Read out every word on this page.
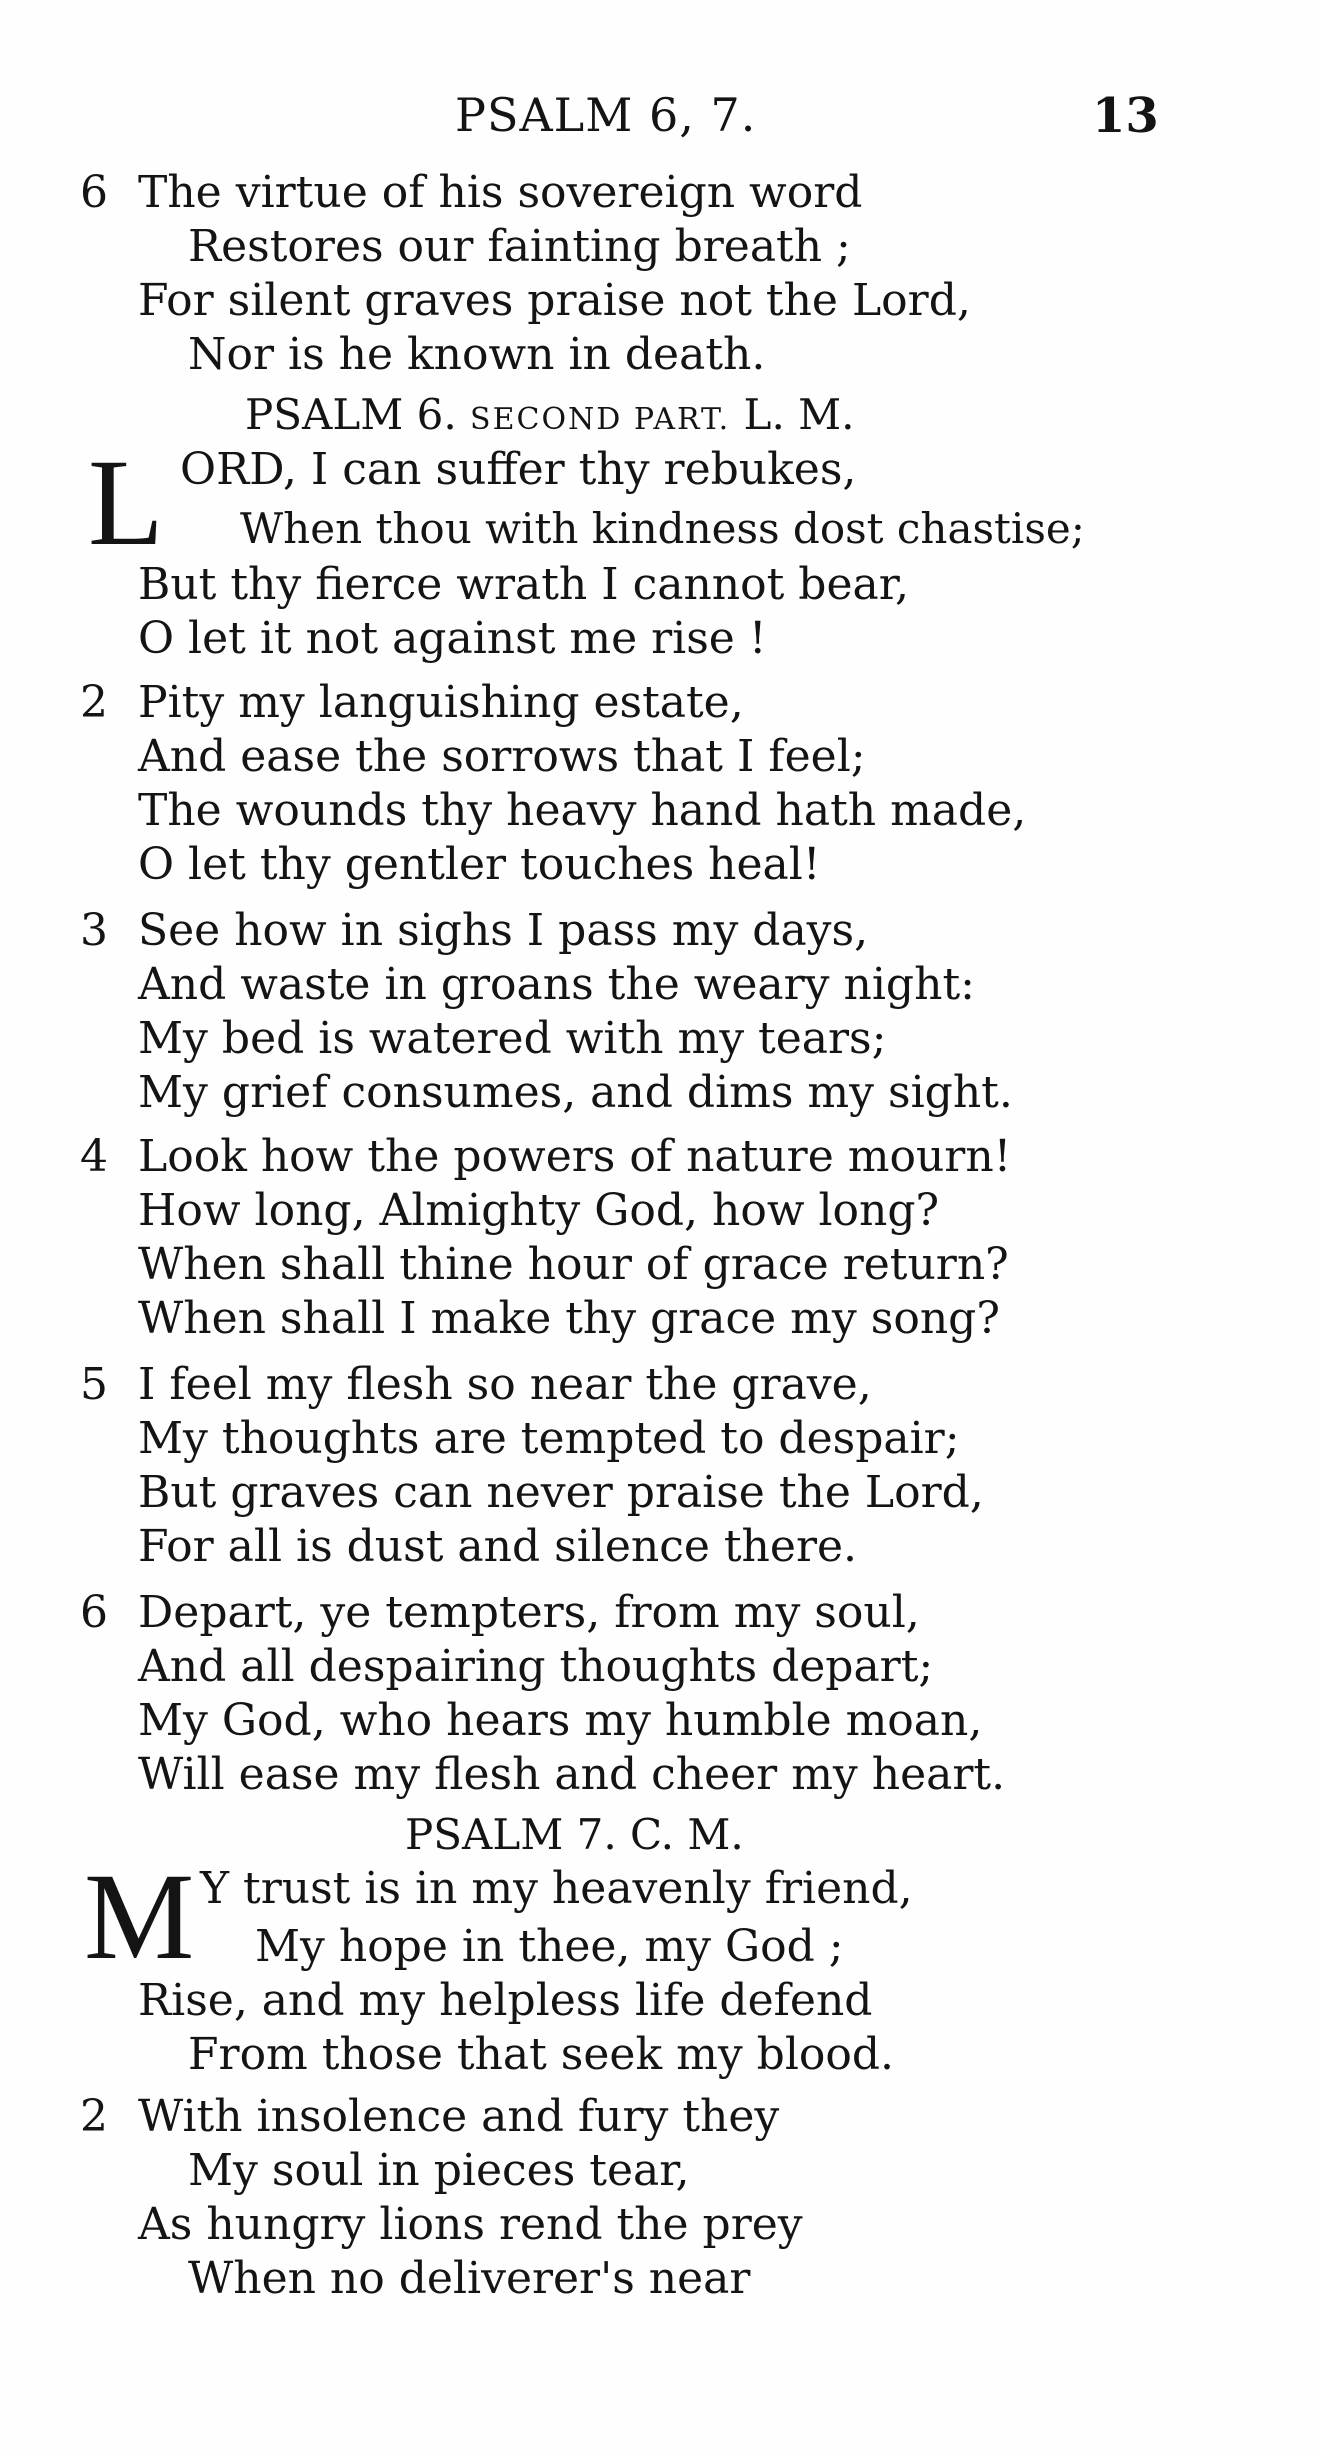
PSALM 6, 7.	13
6 The virtue of his sovereign word
Restores our fainting breath ;
For silent graves praise not the Lord,
Nor is he known in death.
PSALM 6. SECOND PART. L. M.
L ORD, I can suffer thy rebukes,
When thou with kindness dost chastise;
But thy fierce wrath I cannot bear,
O let it not against me rise !
2 Pity my languishing estate,
And ease the sorrows that I feel;
The wounds thy heavy hand hath made,
O let thy gentler touches heal!
3 See how in sighs I pass my days,
And waste in groans the weary night:
My bed is watered with my tears;
My grief consumes, and dims my sight.
4 Look how the powers of nature mourn!
How long, Almighty God, how long?
When shall thine hour of grace return?
When shall I make thy grace my song?
5 I feel my flesh so near the grave,
My thoughts are tempted to despair;
But graves can never praise the Lord,
For all is dust and silence there.
6 Depart, ye tempters, from my soul,
And all despairing thoughts depart;
My God, who hears my humble moan,
Will ease my flesh and cheer my heart.
PSALM 7. C. M.
M Y trust is in my heavenly friend,
My hope in thee, my God ;
Rise, and my helpless life defend
From those that seek my blood.
2 With insolence and fury they
My soul in pieces tear,
As hungry lions rend the prey
When no deliverer's near
